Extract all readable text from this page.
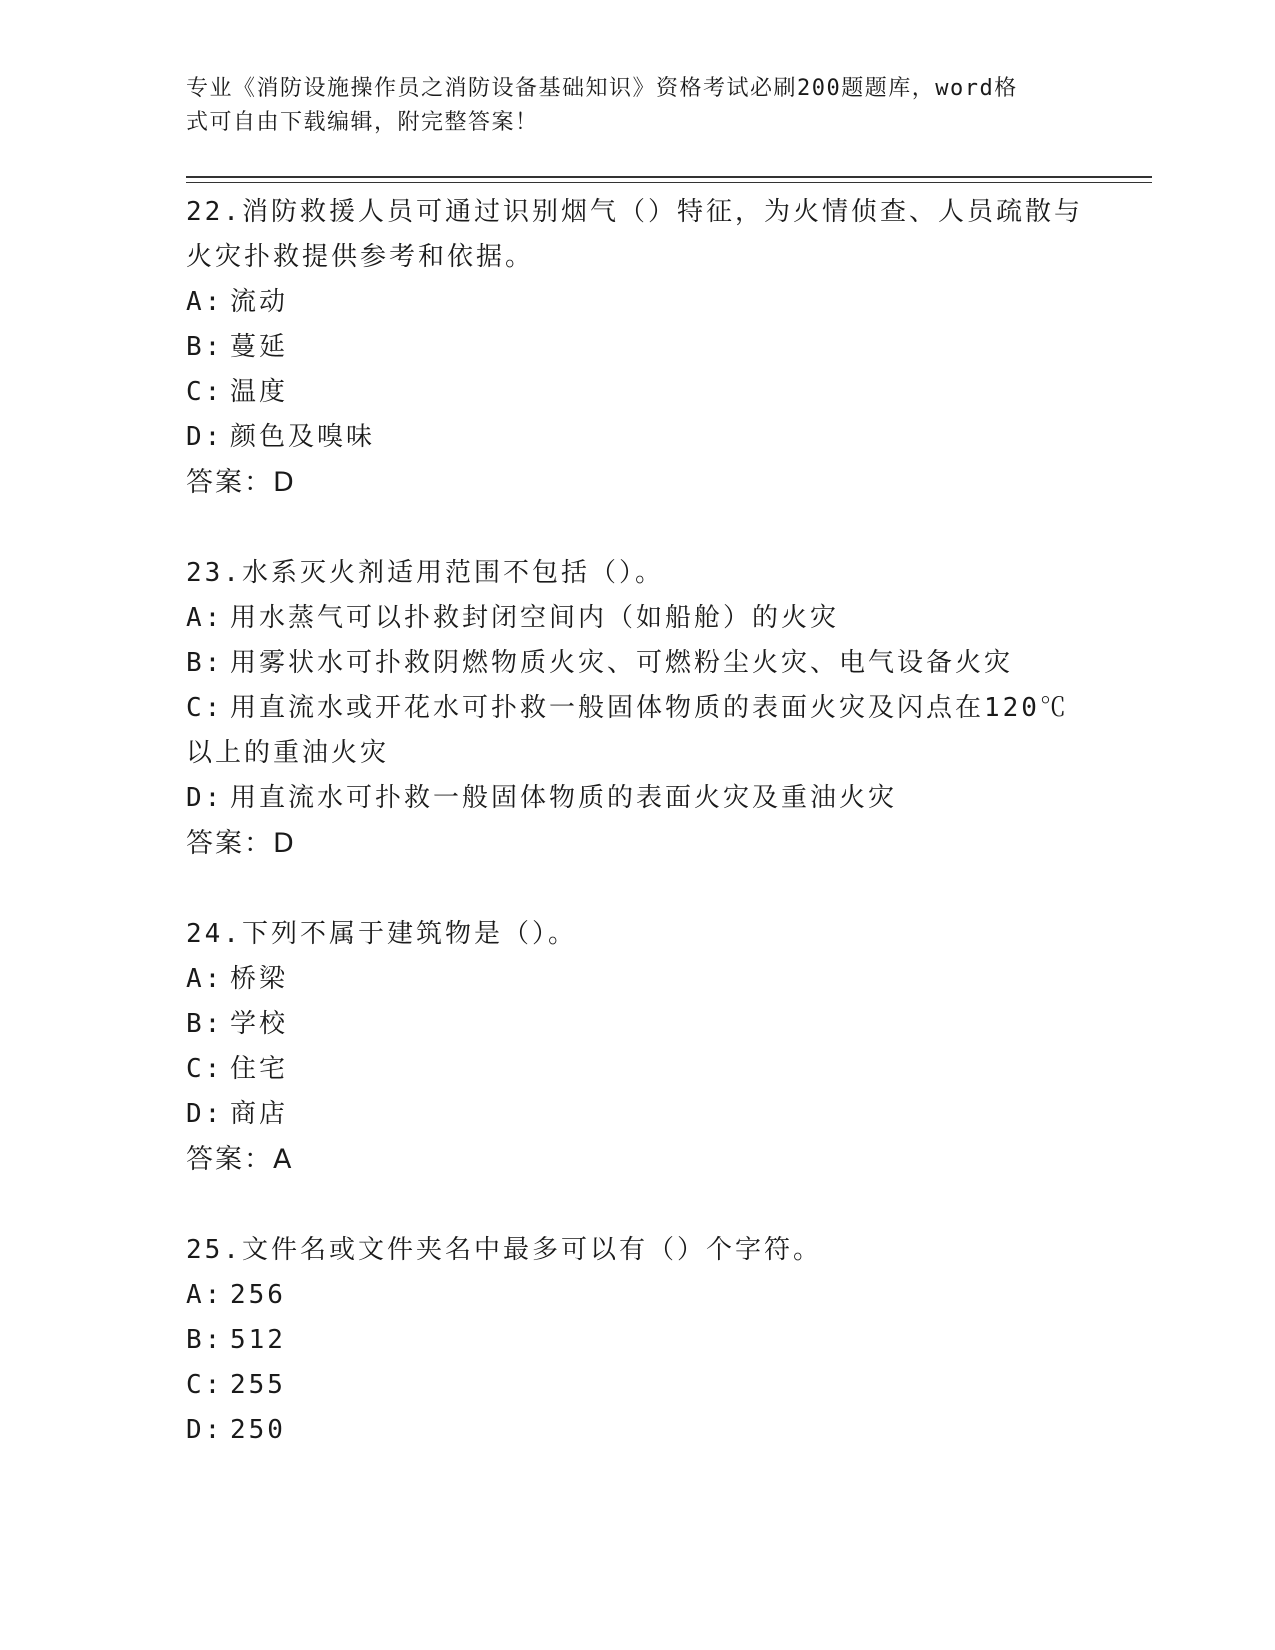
专业《消防设施操作员之消防设备基础知识》资格考试必刷200题题库，word格
式可自由下载编辑，附完整答案！
22.消防救援人员可通过识别烟气（）特征，为火情侦查、人员疏散与
火灾扑救提供参考和依据。
A: 流动
B: 蔓延
C: 温度
D: 颜色及嗅味
答案：D
23.水系灭火剂适用范围不包括（）。
A: 用水蒸气可以扑救封闭空间内（如船舱）的火灾
B: 用雾状水可扑救阴燃物质火灾、可燃粉尘火灾、电气设备火灾
C: 用直流水或开花水可扑救一般固体物质的表面火灾及闪点在120℃
以上的重油火灾
D: 用直流水可扑救一般固体物质的表面火灾及重油火灾
答案：D
24.下列不属于建筑物是（）。
A: 桥梁
B: 学校
C: 住宅
D: 商店
答案：A
25.文件名或文件夹名中最多可以有（）个字符。
A: 256
B: 512
C: 255
D: 250
